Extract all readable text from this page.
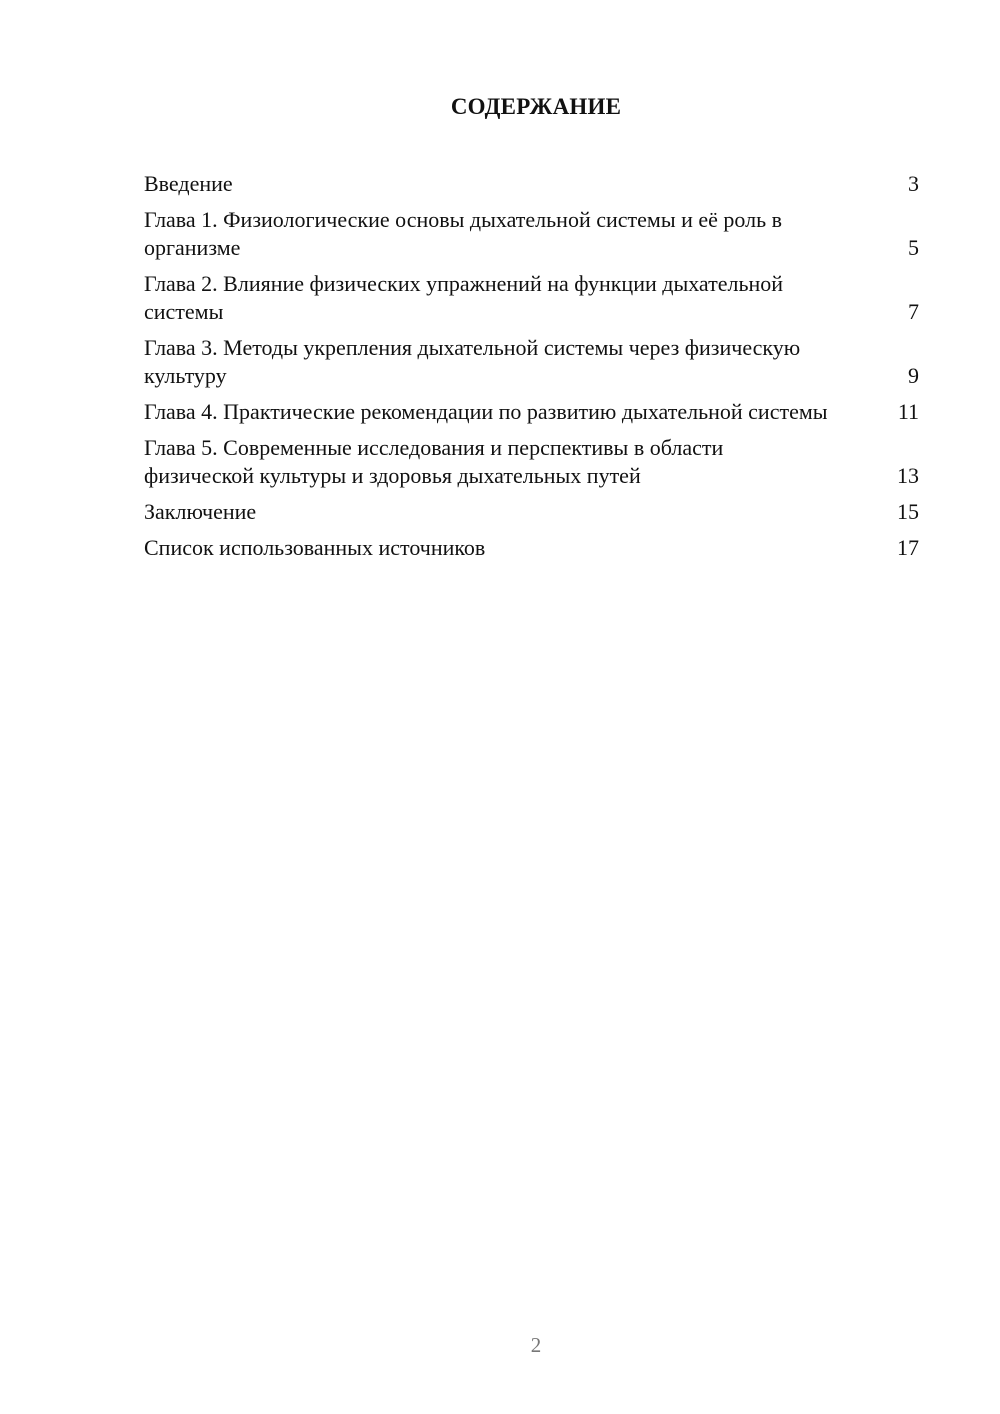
СОДЕРЖАНИЕ
Введение	3
Глава 1. Физиологические основы дыхательной системы и её роль в организме	5
Глава 2. Влияние физических упражнений на функции дыхательной системы	7
Глава 3. Методы укрепления дыхательной системы через физическую культуру	9
Глава 4. Практические рекомендации по развитию дыхательной системы	11
Глава 5. Современные исследования и перспективы в области физической культуры и здоровья дыхательных путей	13
Заключение	15
Список использованных источников	17
2
